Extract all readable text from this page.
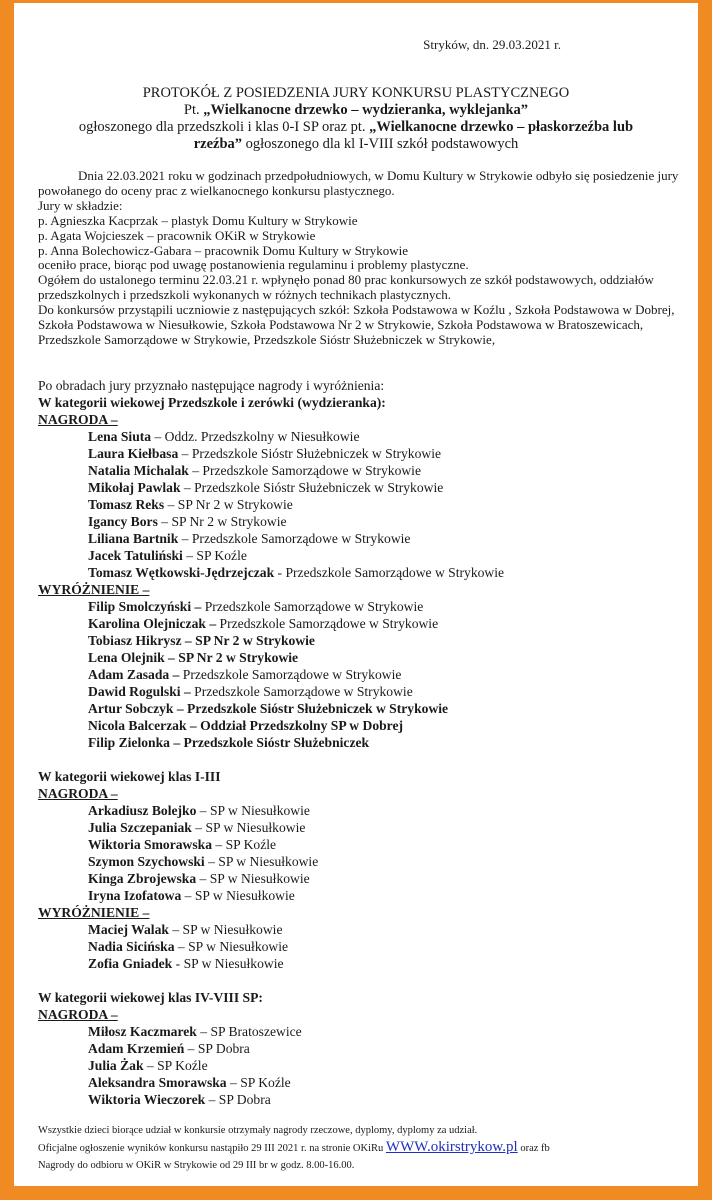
Stryków, dn. 29.03.2021 r.
PROTOKÓŁ Z POSIEDZENIA JURY KONKURSU PLASTYCZNEGO
Pt. „Wielkanocne drzewko – wydzieranka, wyklejanka”
ogłoszonego dla przedszkoli i klas 0-I SP oraz pt. „Wielkanocne drzewko – płaskorzeźba lub
rzeźba” ogłoszonego dla kl I-VIII szkół podstawowych

Dnia 22.03.2021 roku w godzinach przedpołudniowych, w Domu Kultury w Strykowie odbyło się posiedzenie jury powołanego do oceny prac z wielkanocnego konkursu plastycznego.

Jury w składzie:

p. Agnieszka Kacprzak – plastyk Domu Kultury w Strykowie

p. Agata Wojcieszek – pracownik OKiR w Strykowie

p. Anna Bolechowicz-Gabara – pracownik Domu Kultury w Strykowie

oceniło prace, biorąc pod uwagę postanowienia regulaminu i problemy plastyczne.

Ogółem do ustalonego terminu 22.03.21 r. wpłynęło ponad 80 prac konkursowych ze szkół podstawowych, oddziałów przedszkolnych i przedszkoli wykonanych w różnych technikach plastycznych.

Do konkursów przystąpili uczniowie z następujących szkół: Szkoła Podstawowa w Koźlu , Szkoła Podstawowa w Dobrej, Szkoła Podstawowa w Niesułkowie, Szkoła Podstawowa Nr 2 w Strykowie, Szkoła Podstawowa w Bratoszewicach, Przedszkole Samorządowe w Strykowie, Przedszkole Sióstr Służebniczek w Strykowie,

Po obradach jury przyznało następujące nagrody i wyróżnienia:

W kategorii wiekowej Przedszkole i zerówki (wydzieranka):

NAGRODA –

Lena Siuta – Oddz. Przedszkolny w Niesułkowie

Laura Kiełbasa – Przedszkole Sióstr Służebniczek w Strykowie

Natalia Michalak – Przedszkole Samorządowe w Strykowie

Mikołaj Pawlak – Przedszkole Sióstr Służebniczek w Strykowie

Tomasz Reks – SP Nr 2 w Strykowie

Igancy Bors – SP Nr 2 w Strykowie

Liliana Bartnik – Przedszkole Samorządowe w Strykowie

Jacek Tatuliński – SP Koźle

Tomasz Wętkowski-Jędrzejczak - Przedszkole Samorządowe w Strykowie

WYRÓŻNIENIE –

Filip Smolczyński – Przedszkole Samorządowe w Strykowie

Karolina Olejniczak – Przedszkole Samorządowe w Strykowie

Tobiasz Hikrysz – SP Nr 2 w Strykowie

Lena Olejnik – SP Nr 2 w Strykowie

Adam Zasada – Przedszkole Samorządowe w Strykowie

Dawid Rogulski – Przedszkole Samorządowe w Strykowie

Artur Sobczyk – Przedszkole Sióstr Służebniczek w Strykowie

Nicola Balcerzak – Oddział Przedszkolny SP w Dobrej

Filip Zielonka – Przedszkole Sióstr Służebniczek

W kategorii wiekowej klas I-III

NAGRODA –

Arkadiusz Bolejko – SP w Niesułkowie

Julia Szczepaniak – SP w Niesułkowie

Wiktoria Smorawska – SP Koźle

Szymon Szychowski – SP w Niesułkowie

Kinga Zbrojewska – SP w Niesułkowie

Iryna Izofatowa – SP w Niesułkowie

WYRÓŻNIENIE –

Maciej Walak – SP w Niesułkowie

Nadia Sicińska – SP w Niesułkowie

Zofia Gniadek - SP w Niesułkowie

W kategorii wiekowej klas IV-VIII SP:

NAGRODA –

Miłosz Kaczmarek – SP Bratoszewice

Adam Krzemień – SP Dobra

Julia Żak – SP Koźle

Aleksandra Smorawska – SP Koźle

Wiktoria Wieczorek – SP Dobra

Wszystkie dzieci biorące udział w konkursie otrzymały nagrody rzeczowe, dyplomy, dyplomy za udział.

Oficjalne ogłoszenie wyników konkursu nastąpiło 29 III 2021 r. na stronie OKiRu WWW.okirstrykow.pl oraz fb

Nagrody do odbioru w OKiR w Strykowie od 29 III br w godz. 8.00-16.00.
